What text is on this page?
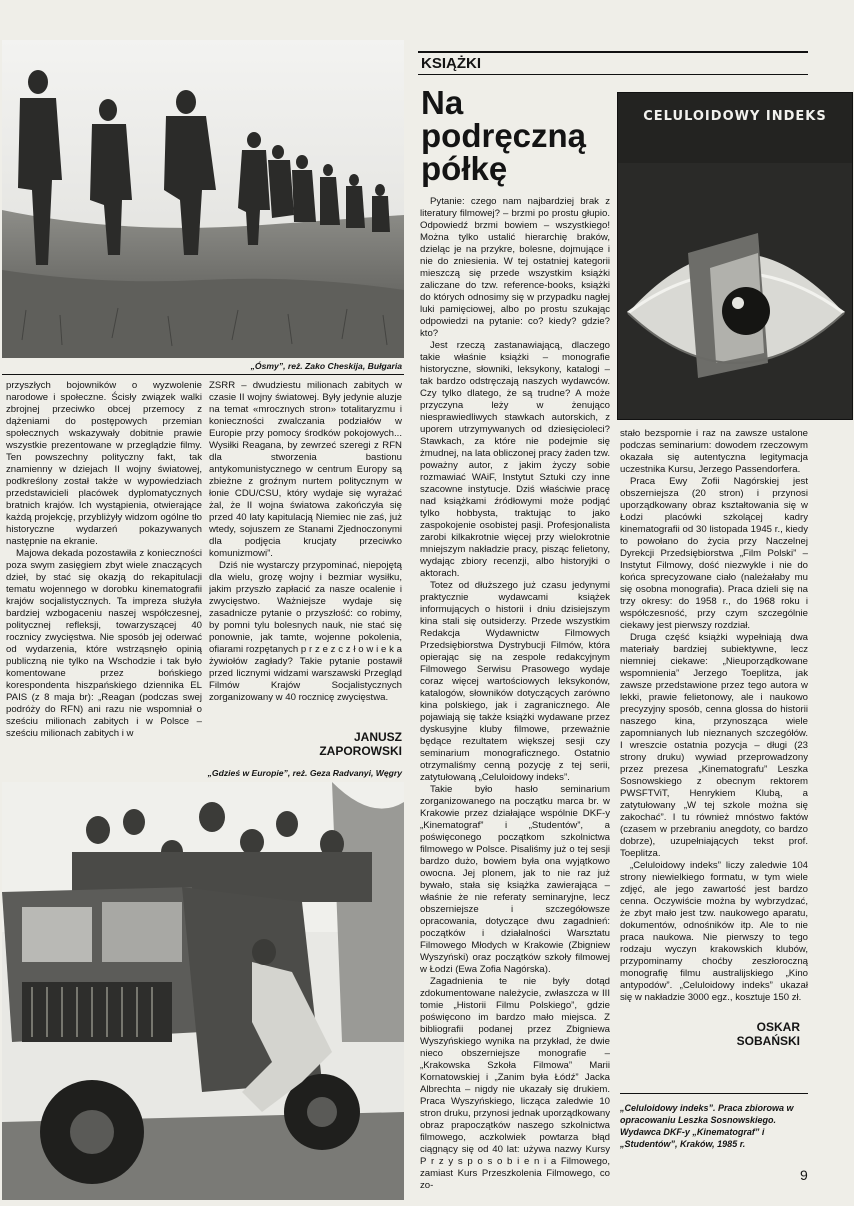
„Ósmy”, reż. Zako Cheskija, Bułgaria

przyszłych bojowników o wyzwolenie narodowe i społeczne. Ścisły związek walki zbrojnej przeciwko obcej przemocy z dążeniami do postępowych przemian społecznych wskazywały dobitnie prawie wszystkie prezentowane w przeglądzie filmy. Ten powszechny polityczny fakt, tak znamienny w dziejach II wojny światowej, podkreślony został także w wypowiedziach przedstawicieli placówek dyplomatycznych bratnich krajów. Ich wystąpienia, otwierające każdą projekcję, przybliżyły widzom ogólne tło historyczne wydarzeń pokazywanych następnie na ekranie.

Majowa dekada pozostawiła z konieczności poza swym zasięgiem zbyt wiele znaczących dzieł, by stać się okazją do rekapitulacji tematu wojennego w dorobku kinematografii krajów socjalistycznych. Ta impreza służyła bardziej wzbogaceniu naszej współczesnej, politycznej refleksji, towarzyszącej 40 rocznicy zwycięstwa. Nie sposób jej oderwać od wydarzenia, które wstrząsnęło opinią publiczną nie tylko na Wschodzie i tak było komentowane przez bońskiego korespondenta hiszpańskiego dziennika EL PAIS (z 8 maja br): „Reagan (podczas swej podróży do RFN) ani razu nie wspomniał o sześciu milionach zabitych i w Polsce – sześciu milionach zabitych i w

ZSRR – dwudziestu milionach zabitych w czasie II wojny światowej. Były jedynie aluzje na temat «mrocznych stron» totalitaryzmu i konieczności zwalczania podziałów w Europie przy pomocy środków pokojowych... Wysiłki Reagana, by zewrzeć szeregi z RFN dla stworzenia bastionu antykomunistycznego w centrum Europy są zbieżne z groźnym nurtem politycznym w łonie CDU/CSU, który wydaje się wyrażać żal, że II wojna światowa zakończyła się przed 40 laty kapitulacją Niemiec nie zaś, już wtedy, sojuszem ze Stanami Zjednoczonymi dla podjęcia krucjaty przeciwko komunizmowi”.

Dziś nie wystarczy przypominać, niepojętą dla wielu, grozę wojny i bezmiar wysiłku, jakim przyszło zapłacić za nasze ocalenie i zwycięstwo. Ważniejsze wydaje się zasadnicze pytanie o przyszłość: co robimy, by pomni tylu bolesnych nauk, nie stać się ponownie, jak tamte, wojenne pokolenia, ofiarami rozpętanych p r z e z c z ł o w i e k a żywiołów zagłady? Takie pytanie postawił przed licznymi widzami warszawski Przegląd Filmów Krajów Socjalistycznych zorganizowany w 40 rocznicę zwycięstwa.

JANUSZ
ZAPOROWSKI
„Gdzieś w Europie”, reż. Geza Radvanyi, Węgry
KSIĄŻKI
Na
podręczną
półkę
CELULOIDOWY INDEKS

Pytanie: czego nam najbardziej brak z literatury filmowej? – brzmi po prostu głupio. Odpowiedź brzmi bowiem – wszystkiego! Można tylko ustalić hierarchię braków, dzieląc je na przykre, bolesne, dojmujące i nie do zniesienia. W tej ostatniej kategorii mieszczą się przede wszystkim książki zaliczane do tzw. reference-books, książki do których odnosimy się w przypadku nagłej luki pamięciowej, albo po prostu szukając odpowiedzi na pytanie: co? kiedy? gdzie? kto?

Jest rzeczą zastanawiającą, dlaczego takie właśnie książki – monografie historyczne, słowniki, leksykony, katalogi – tak bardzo odstręczają naszych wydawców. Czy tylko dlatego, że są trudne? A może przyczyna leży w żenująco niesprawiedliwych stawkach autorskich, z uporem utrzymywanych od dziesięcioleci? Stawkach, za które nie podejmie się żmudnej, na lata obliczonej pracy żaden tzw. poważny autor, z jakim życzy sobie rozmawiać WAiF, Instytut Sztuki czy inne szacowne instytucje. Dziś właściwie pracę nad książkami źródłowymi może podjąć tylko hobbysta, traktując to jako zaspokojenie osobistej pasji. Profesjonalista zarobi kilkakrotnie więcej przy wielokrotnie mniejszym nakładzie pracy, pisząc felietony, wydając zbiory recenzji, albo historyjki o aktorach.

Totez od dłuższego już czasu jedynymi praktycznie wydawcami książek informujących o historii i dniu dzisiejszym kina stali się outsiderzy. Przede wszystkim Redakcja Wydawnictw Filmowych Przedsiębiorstwa Dystrybucji Filmów, która opierając się na zespole redakcyjnym Filmowego Serwisu Prasowego wydaje coraz więcej wartościowych leksykonów, katalogów, słowników dotyczących zarówno kina polskiego, jak i zagranicznego. Ale pojawiają się także książki wydawane przez dyskusyjne kluby filmowe, przeważnie będące rezultatem większej sesji czy seminarium monograficznego. Ostatnio otrzymaliśmy cenną pozycję z tej serii, zatytułowaną „Celuloidowy indeks”.

Takie było hasło seminarium zorganizowanego na początku marca br. w Krakowie przez działające wspólnie DKF-y „Kinematograf” i „Studentów”, a poświęconego początkom szkolnictwa filmowego w Polsce. Pisaliśmy już o tej sesji bardzo dużo, bowiem była ona wyjątkowo owocna. Jej plonem, jak to nie raz już bywało, stała się książka zawierająca – właśnie że nie referaty seminaryjne, lecz obszerniejsze i szczegółowsze opracowania, dotyczące dwu zagadnień: początków i działalności Warsztatu Filmowego Młodych w Krakowie (Zbigniew Wyszyński) oraz początków szkoły filmowej w Łodzi (Ewa Zofia Nagórska).

Zagadnienia te nie były dotąd zdokumentowane należycie, zwłaszcza w III tomie „Historii Filmu Polskiego”, gdzie poświęcono im bardzo mało miejsca. Z bibliografii podanej przez Zbigniewa Wyszyńskiego wynika na przykład, że dwie nieco obszerniejsze monografie – „Krakowska Szkoła Filmowa” Marii Kornatowskiej i „Zanim była Łódź” Jacka Albrechta – nigdy nie ukazały się drukiem. Praca Wyszyńskiego, licząca zaledwie 10 stron druku, przynosi jednak uporządkowany obraz prapoczątków naszego szkolnictwa filmowego, aczkolwiek powtarza błąd ciągnący się od 40 lat: używa nazwy Kursy P r z y s p o s o b i e n i a Filmowego, zamiast Kurs Przeszkolenia Filmowego, co zo-

stało bezspornie i raz na zawsze ustalone podczas seminarium: dowodem rzeczowym okazała się autentyczna legitymacja uczestnika Kursu, Jerzego Passendorfera.

Praca Ewy Zofii Nagórskiej jest obszerniejsza (20 stron) i przynosi uporządkowany obraz kształtowania się w Łodzi placówki szkolącej kadry kinematografii od 30 listopada 1945 r., kiedy to powołano do życia przy Naczelnej Dyrekcji Przedsiębiorstwa „Film Polski” – Instytut Filmowy, dość niezwykle i nie do końca sprecyzowane ciało (należałaby mu się osobna monografia). Praca dzieli się na trzy okresy: do 1958 r., do 1968 roku i współczesność, przy czym szczególnie ciekawy jest pierwszy rozdział.

Druga część książki wypełniają dwa materiały bardziej subiektywne, lecz niemniej ciekawe: „Nieuporządkowane wspomnienia” Jerzego Toeplitza, jak zawsze przedstawione przez tego autora w lekki, prawie felietonowy, ale i naukowo precyzyjny sposób, cenna glossa do historii naszego kina, przynosząca wiele zapomnianych lub nieznanych szczegółów. I wreszcie ostatnia pozycja – długi (23 strony druku) wywiad przeprowadzony przez prezesa „Kinematografu” Leszka Sosnowskiego z obecnym rektorem PWSFTViT, Henrykiem Klubą, a zatytułowany „W tej szkole można się zakochać”. I tu również mnóstwo faktów (czasem w przebraniu anegdoty, co bardzo dobrze), uzupełniających tekst prof. Toeplitza.

„Celuloidowy indeks” liczy zaledwie 104 strony niewielkiego formatu, w tym wiele zdjęć, ale jego zawartość jest bardzo cenna. Oczywiście można by wybrzydzać, że zbyt mało jest tzw. naukowego aparatu, dokumentów, odnośników itp. Ale to nie praca naukowa. Nie pierwszy to tego rodzaju wyczyn krakowskich klubów, przypominamy choćby zeszłoroczną monografię filmu australijskiego „Kino antypodów”. „Celuloidowy indeks” ukazał się w nakładzie 3000 egz., kosztuje 150 zł.

OSKAR
SOBAŃSKI
„Celuloidowy indeks”. Praca zbiorowa w opracowaniu Leszka Sosnowskiego. Wydawca DKF-y „Kinematograf” i „Studentów”, Kraków, 1985 r.
9
